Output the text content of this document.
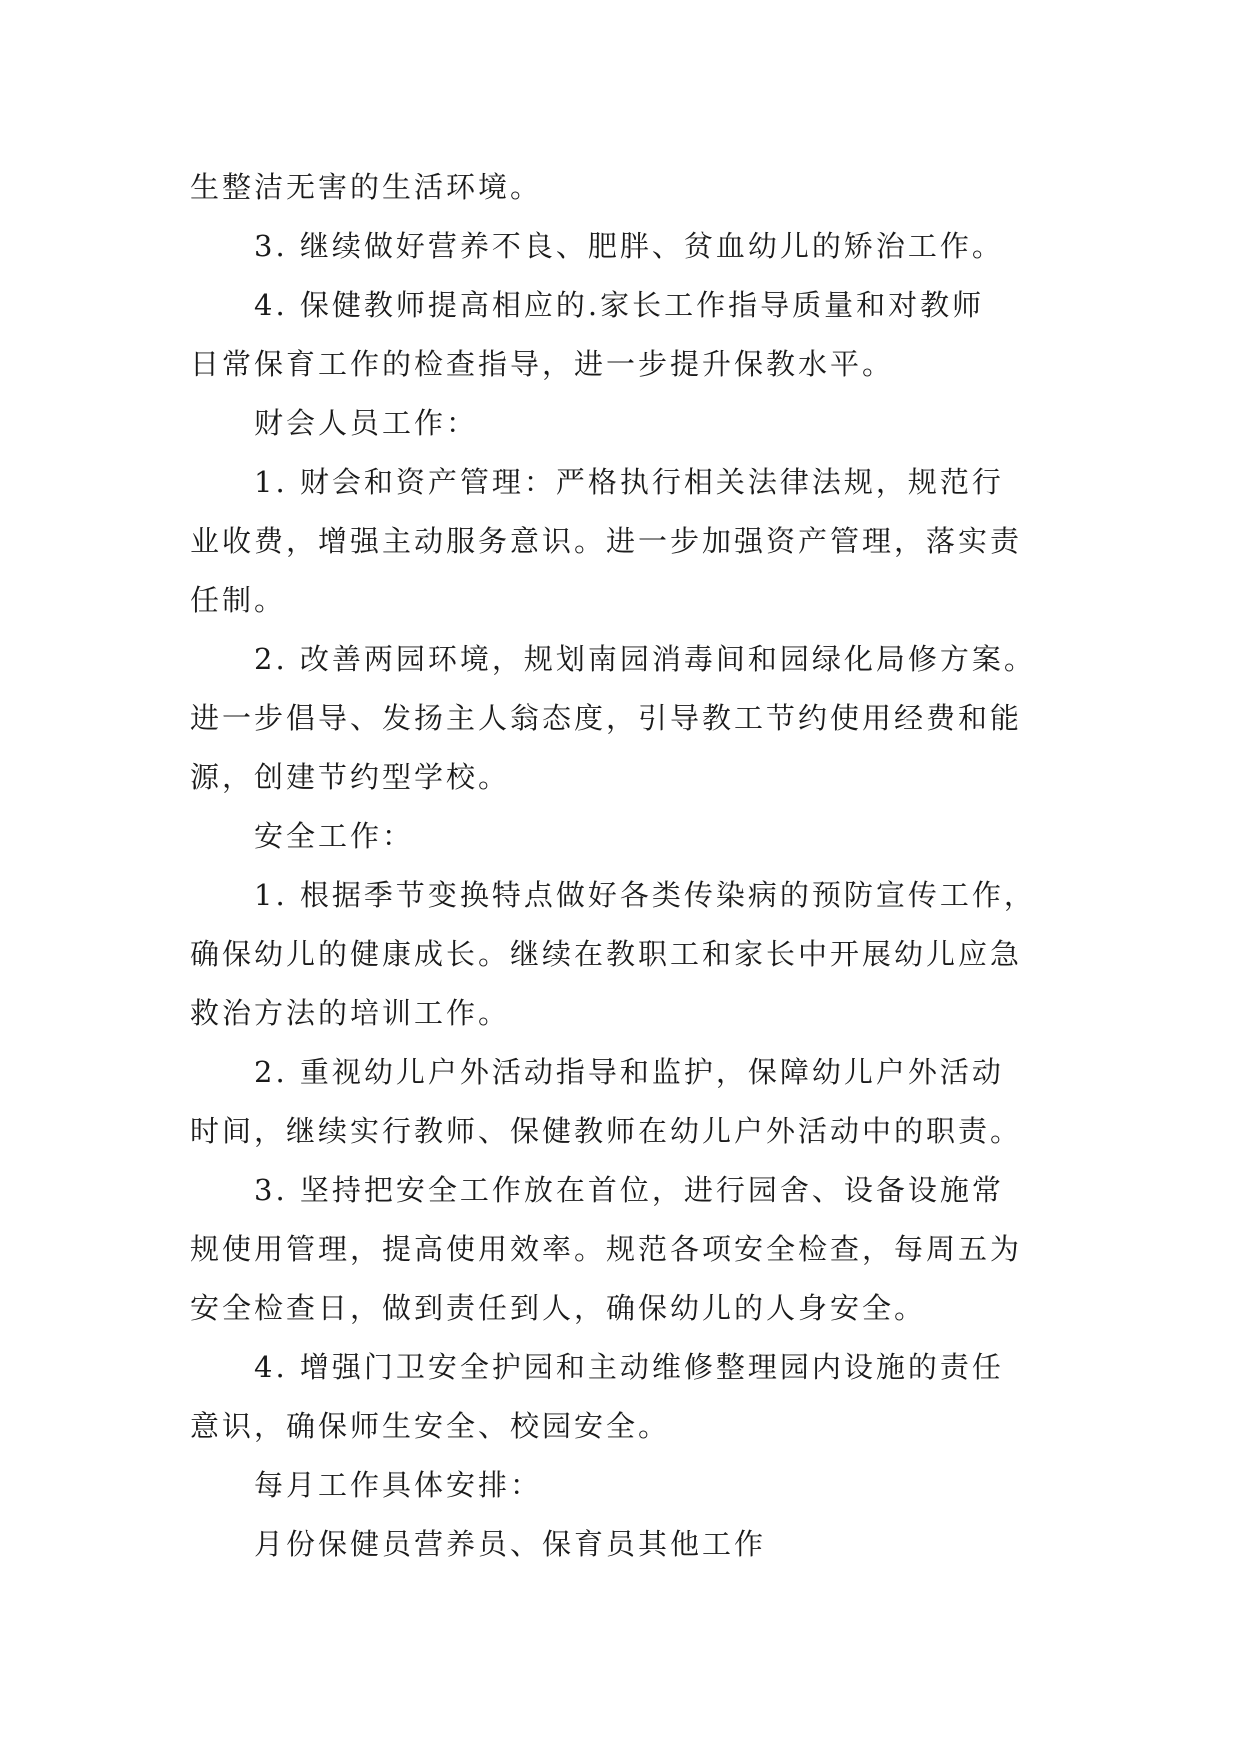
生整洁无害的生活环境。
3. 继续做好营养不良、肥胖、贫血幼儿的矫治工作。
4. 保健教师提高相应的.家长工作指导质量和对教师
日常保育工作的检查指导，进一步提升保教水平。
财会人员工作：
1. 财会和资产管理：严格执行相关法律法规，规范行
业收费，增强主动服务意识。进一步加强资产管理，落实责
任制。
2. 改善两园环境，规划南园消毒间和园绿化局修方案。
进一步倡导、发扬主人翁态度，引导教工节约使用经费和能
源，创建节约型学校。
安全工作：
1. 根据季节变换特点做好各类传染病的预防宣传工作，
确保幼儿的健康成长。继续在教职工和家长中开展幼儿应急
救治方法的培训工作。
2. 重视幼儿户外活动指导和监护，保障幼儿户外活动
时间，继续实行教师、保健教师在幼儿户外活动中的职责。
3. 坚持把安全工作放在首位，进行园舍、设备设施常
规使用管理，提高使用效率。规范各项安全检查，每周五为
安全检查日，做到责任到人，确保幼儿的人身安全。
4. 增强门卫安全护园和主动维修整理园内设施的责任
意识，确保师生安全、校园安全。
每月工作具体安排：
月份保健员营养员、保育员其他工作
